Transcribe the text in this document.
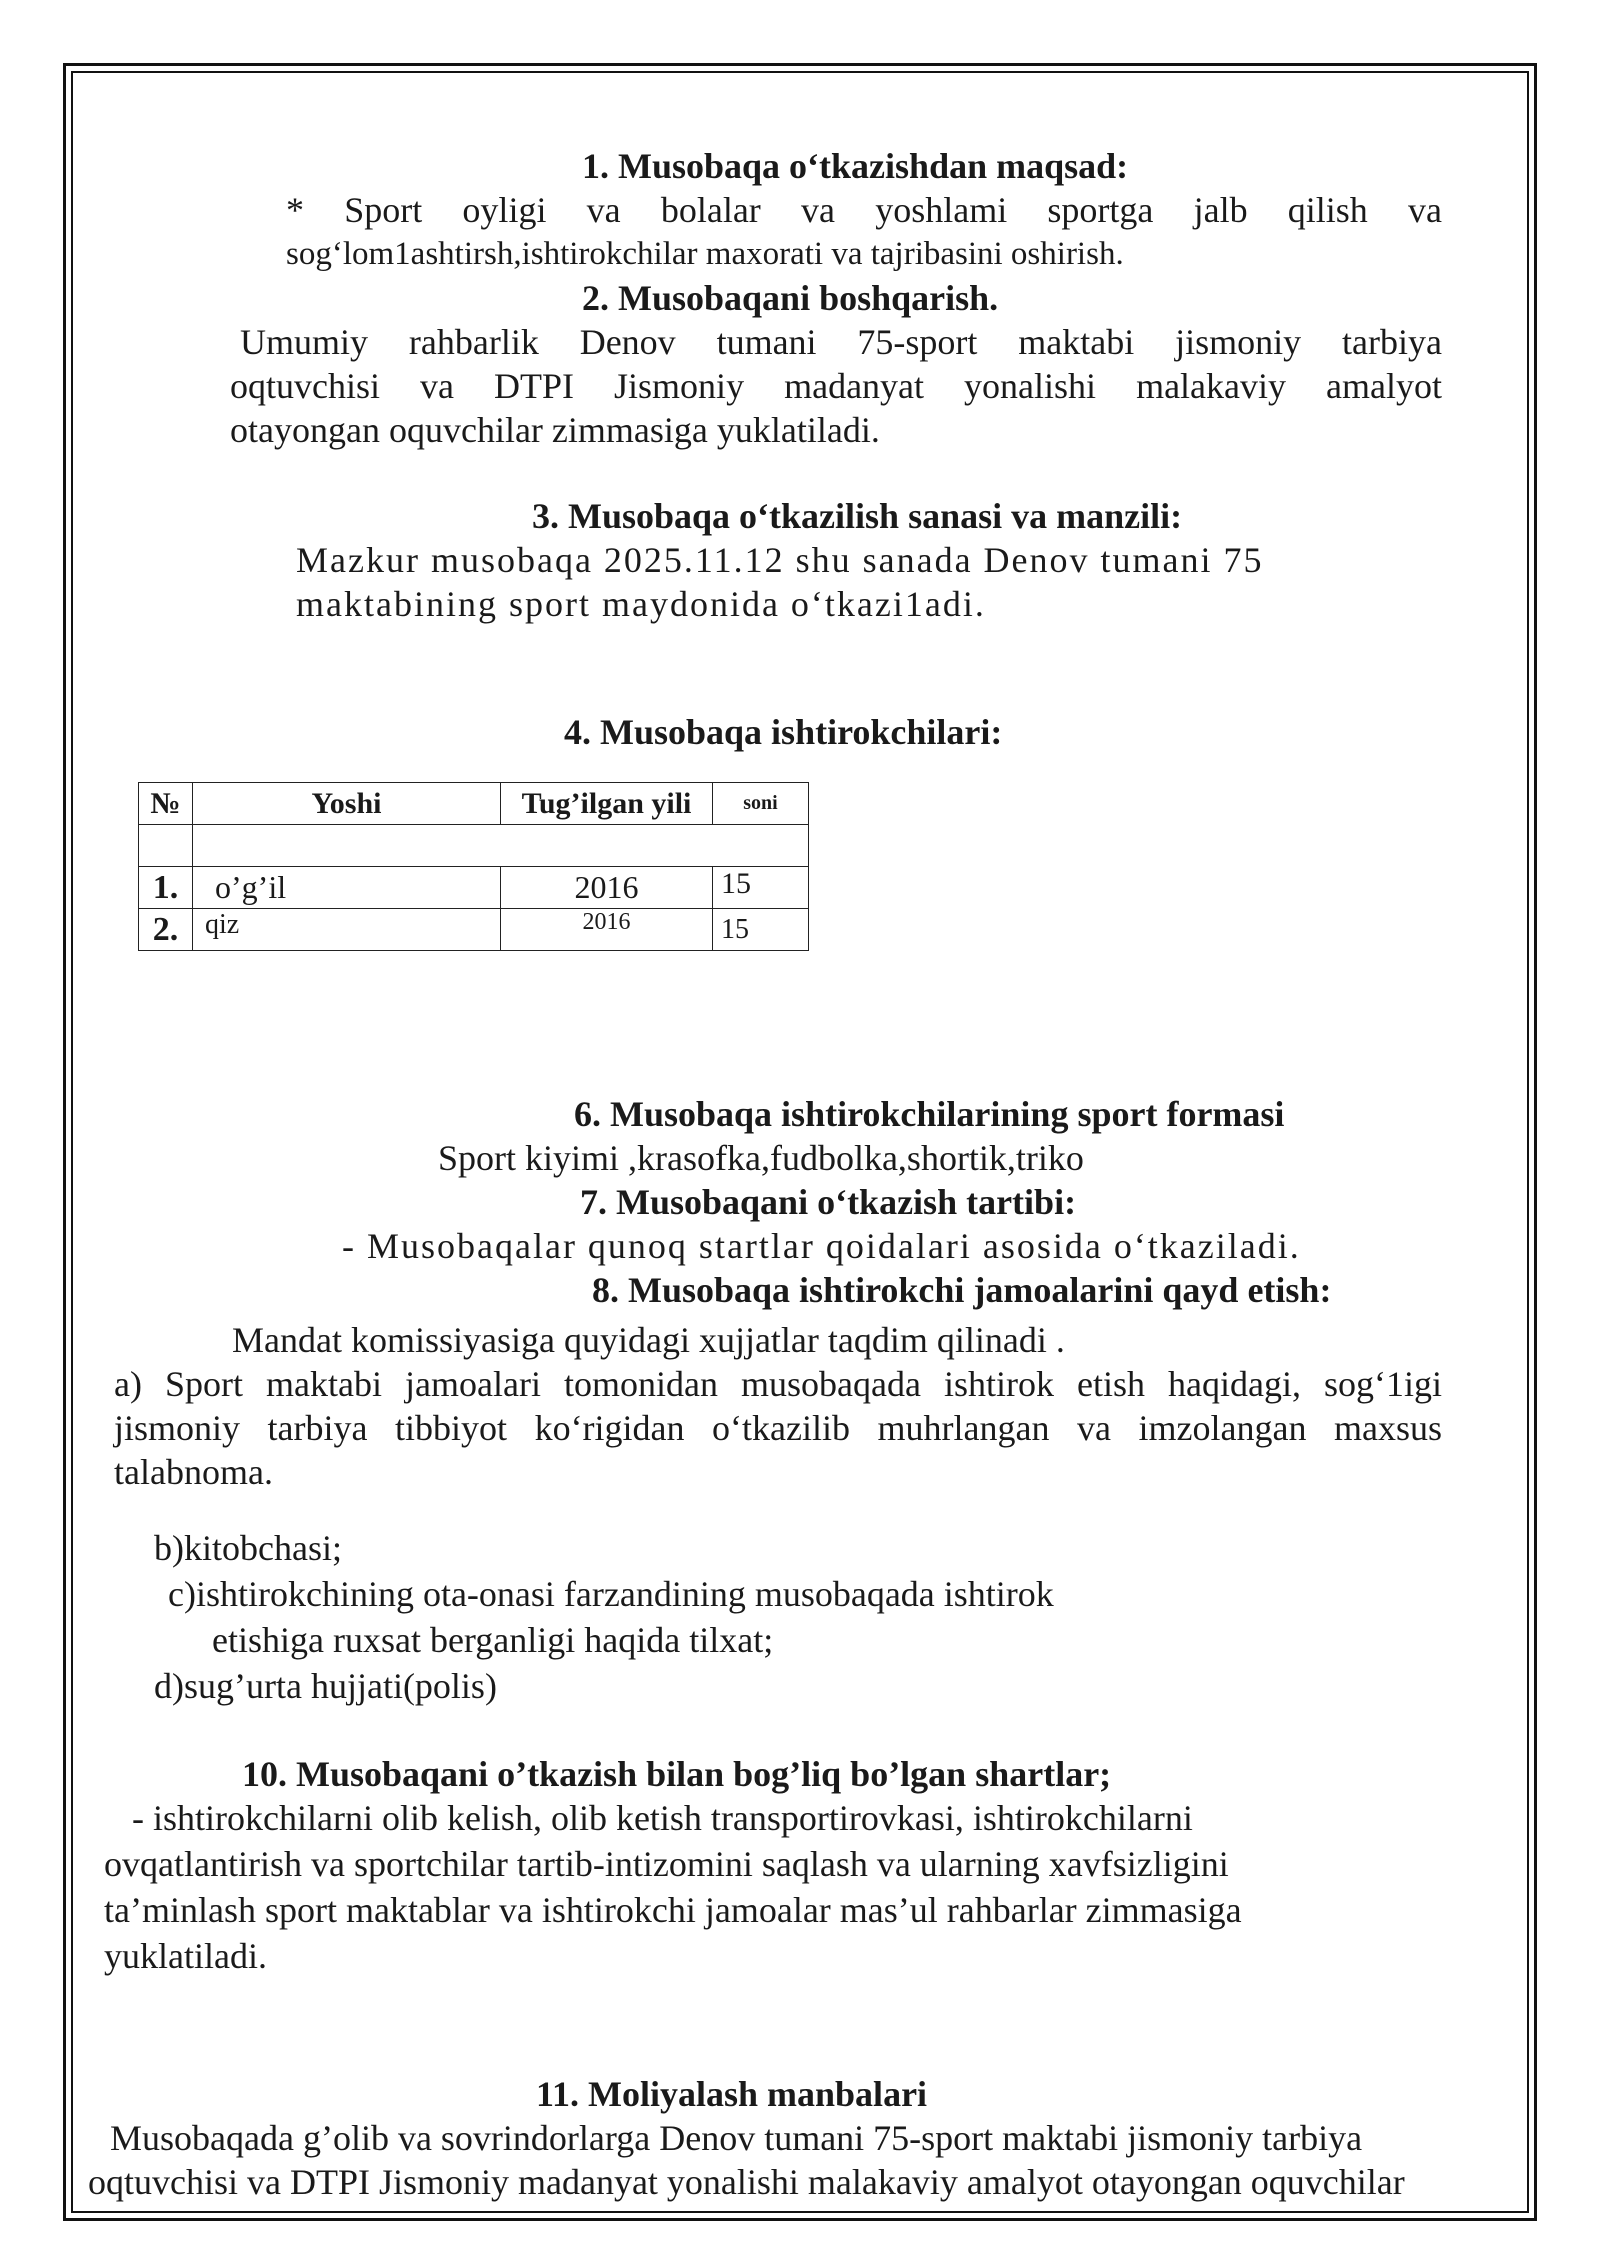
1. Musobaqa o‘tkazishdan maqsad:
* Sport oyligi va bolalar va yoshlami sportga jalb qilish va
sog‘lom1ashtirsh,ishtirokchilar maxorati va tajribasini oshirish.
2. Musobaqani boshqarish.
Umumiy rahbarlik Denov tumani 75-sport maktabi jismoniy tarbiya
oqtuvchisi va DTPI Jismoniy madanyat yonalishi malakaviy amalyot
otayongan oquvchilar zimmasiga yuklatiladi.
3. Musobaqa o‘tkazilish sanasi va manzili:
Mazkur musobaqa 2025.11.12 shu sanada Denov tumani 75
maktabining sport maydonida o‘tkazi1adi.
4. Musobaqa ishtirokchilari:
№	Yoshi	Tug’ilgan yili	soni

1.	o’g’il	2016	15
2.	qiz	2016	15
6. Musobaqa ishtirokchilarining sport formasi
Sport kiyimi ,krasofka,fudbolka,shortik,triko
7. Musobaqani o‘tkazish tartibi:
- Musobaqalar qunoq startlar qoidalari asosida o‘tkaziladi.
8. Musobaqa ishtirokchi jamoalarini qayd etish:
Mandat komissiyasiga quyidagi xujjatlar taqdim qilinadi .
a) Sport maktabi jamoalari tomonidan musobaqada ishtirok etish haqidagi, sog‘1igi
jismoniy tarbiya tibbiyot ko‘rigidan o‘tkazilib muhrlangan va imzolangan maxsus
talabnoma.
b)kitobchasi;
c)ishtirokchining ota-onasi farzandining musobaqada ishtirok
etishiga ruxsat berganligi haqida tilxat;
d)sug’urta hujjati(polis)
10. Musobaqani o’tkazish bilan bog’liq bo’lgan shartlar;
- ishtirokchilarni olib kelish, olib ketish transportirovkasi, ishtirokchilarni
ovqatlantirish va sportchilar tartib-intizomini saqlash va ularning xavfsizligini
ta’minlash sport maktablar va ishtirokchi jamoalar mas’ul rahbarlar zimmasiga
yuklatiladi.
11. Moliyalash manbalari
Musobaqada g’olib va sovrindorlarga Denov tumani 75-sport maktabi jismoniy tarbiya
oqtuvchisi va DTPI Jismoniy madanyat yonalishi malakaviy amalyot otayongan oquvchilar
